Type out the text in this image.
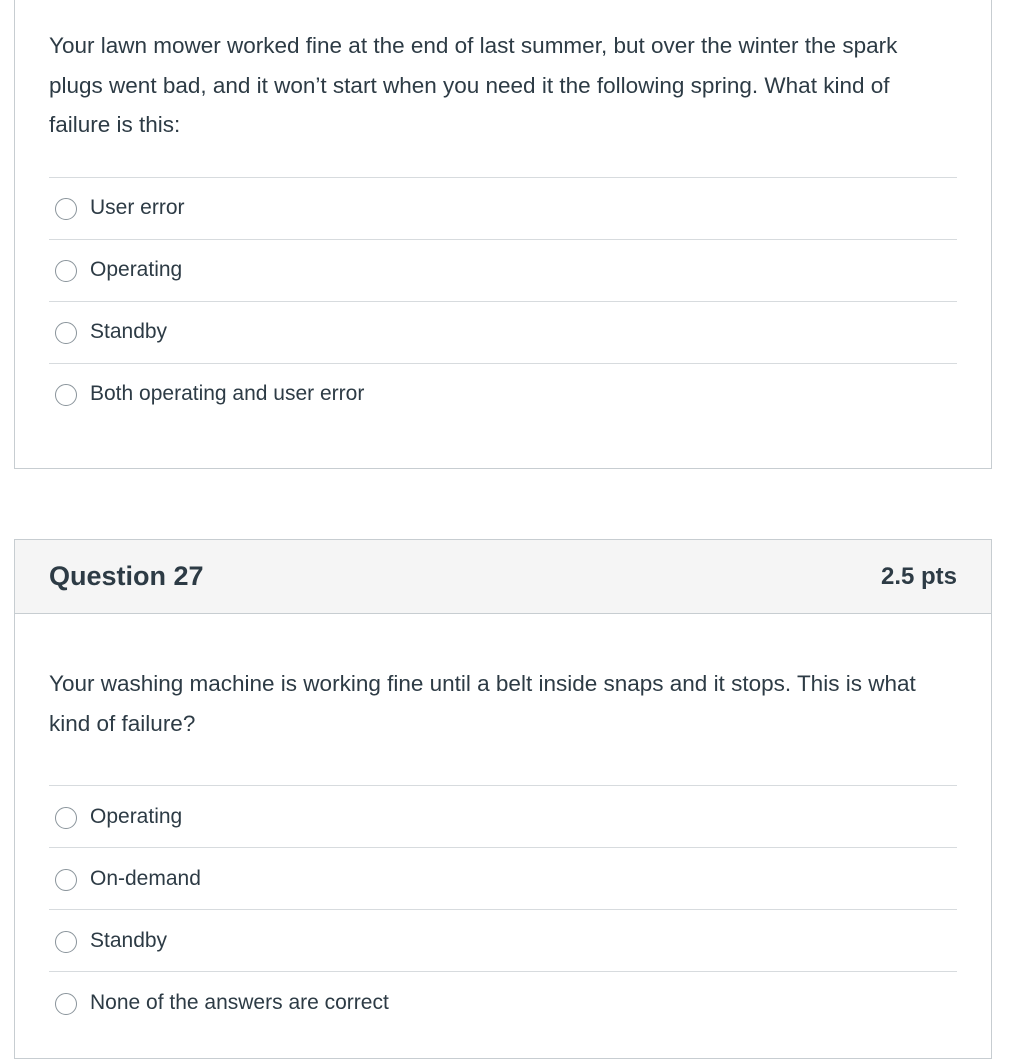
Your lawn mower worked fine at the end of last summer, but over the winter the spark plugs went bad, and it won’t start when you need it the following spring. What kind of failure is this:
User error
Operating
Standby
Both operating and user error
Question 27	2.5 pts
Your washing machine is working fine until a belt inside snaps and it stops. This is what kind of failure?
Operating
On-demand
Standby
None of the answers are correct
